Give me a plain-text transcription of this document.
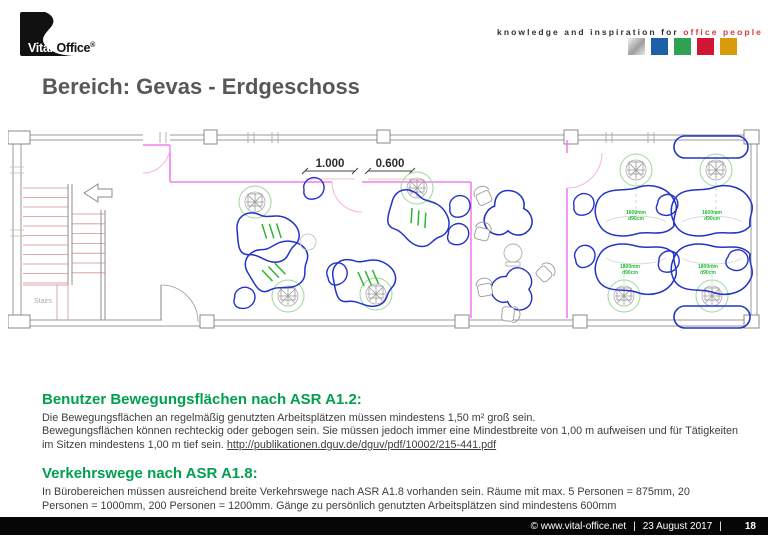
Vital-Office®
knowledge and inspiration for office people
Bereich: Gevas - Erdgeschoss
Stairs
1.000	0.600
1600mm
d90cm
1600mm
d90cm
1800mm
d90cm
1800mm
d90cm
Benutzer Bewegungsflächen nach ASR A1.2:
Die Bewegungsflächen an regelmäßig genutzten Arbeitsplätzen müssen mindestens 1,50 m² groß sein.
Bewegungsflächen können rechteckig oder gebogen sein. Sie müssen jedoch immer eine Mindestbreite von 1,00 m aufweisen und für Tätigkeiten
im Sitzen mindestens 1,00 m tief sein. http://publikationen.dguv.de/dguv/pdf/10002/215-441.pdf
Verkehrswege nach ASR A1.8:
In Bürobereichen müssen ausreichend breite Verkehrswege nach ASR A1.8 vorhanden sein. Räume mit max. 5 Personen = 875mm, 20
Personen = 1000mm, 200 Personen = 1200mm. Gänge zu persönlich genutzten Arbeitsplätzen sind mindestens 600mm
© www.vital-office.net | 23 August 2017 | 18
